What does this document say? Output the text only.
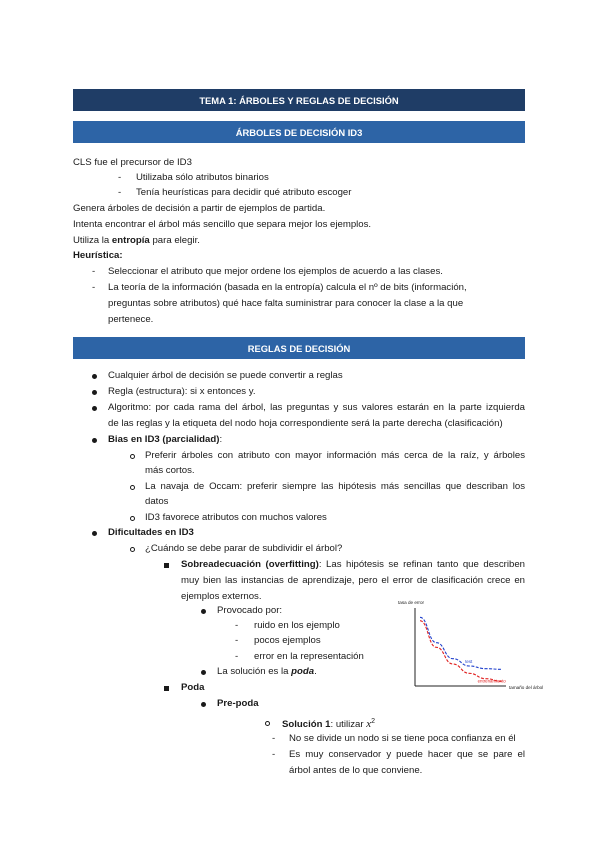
TEMA 1: ÁRBOLES Y REGLAS DE DECISIÓN
ÁRBOLES DE DECISIÓN ID3
CLS fue el precursor de ID3
- Utilizaba sólo atributos binarios
- Tenía heurísticas para decidir qué atributo escoger
Genera árboles de decisión a partir de ejemplos de partida.
Intenta encontrar el árbol más sencillo que separa mejor los ejemplos.
Utiliza la entropía para elegir.
Heurística:
- Seleccionar el atributo que mejor ordene los ejemplos de acuerdo a las clases.
- La teoría de la información (basada en la entropía) calcula el nº de bits (información,
preguntas sobre atributos) qué hace falta suministrar para conocer la clase a la que
pertenece.
REGLAS DE DECISIÓN
Cualquier árbol de decisión se puede convertir a reglas
Regla (estructura): si x entonces y.
Algoritmo: por cada rama del árbol, las preguntas y sus valores estarán en la parte izquierda
de las reglas y la etiqueta del nodo hoja correspondiente será la parte derecha (clasificación)
Bias en ID3 (parcialidad):
Preferir árboles con atributo con mayor información más cerca de la raíz, y árboles
más cortos.
La navaja de Occam: preferir siempre las hipótesis más sencillas que describan los
datos
ID3 favorece atributos con muchos valores
Dificultades en ID3
¿Cuándo se debe parar de subdividir el árbol?
Sobreadecuación (overfitting): Las hipótesis se refinan tanto que describen
muy bien las instancias de aprendizaje, pero el error de clasificación crece en
ejemplos externos.
Provocado por:
- ruido en los ejemplo
- pocos ejemplos
- error en la representación
La solución es la poda.
Poda
Pre-poda
Solución 1: utilizar $x^2$
- No se divide un nodo si se tiene poca confianza en él
- Es muy conservador y puede hacer que se pare el
árbol antes de lo que conviene.
tasa de error
tamaño del árbol
test
entrenamiento
